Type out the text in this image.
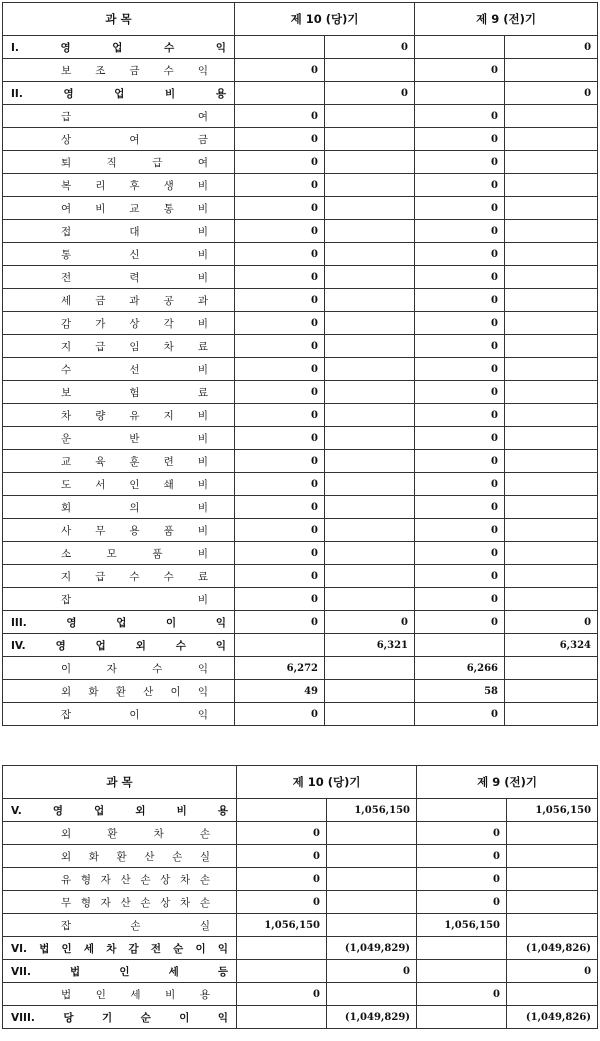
과 목	제 10 (당)기		제 9 (전)기	

I. 영 업 수 익		0		0

보 조 금 수 익	0		0	

II. 영 업 비 용		0		0

급 여	0		0	

상 여 금	0		0	

퇴 직 급 여	0		0	

복 리 후 생 비	0		0	

여 비 교 통 비	0		0	

접 대 비	0		0	

통 신 비	0		0	

전 력 비	0		0	

세 금 과 공 과	0		0	

감 가 상 각 비	0		0	

지 급 임 차 료	0		0	

수 선 비	0		0	

보 험 료	0		0	

차 량 유 지 비	0		0	

운 반 비	0		0	

교 육 훈 련 비	0		0	

도 서 인 쇄 비	0		0	

회 의 비	0		0	

사 무 용 품 비	0		0	

소 모 품 비	0		0	

지 급 수 수 료	0		0	

잡 비	0		0	

III. 영 업 이 익	0	0	0	0

IV. 영 업 외 수 익		6,321		6,324

이 자 수 익	6,272		6,266	

외 화 환 산 이 익	49		58	

잡 이 익	0		0	
과 목	제 10 (당)기		제 9 (전)기	

V. 영 업 외 비 용		1,056,150		1,056,150

외 환 차 손	0		0	

외 화 환 산 손 실	0		0	

유 형 자 산 손 상 차 손	0		0	

무 형 자 산 손 상 차 손	0		0	

잡 손 실	1,056,150		1,056,150	

VI. 법 인 세 차 감 전 순 이 익		(1,049,829)		(1,049,826)

VII. 법 인 세 등		0		0

법 인 세 비 용	0		0	

VIII. 당 기 순 이 익		(1,049,829)		(1,049,826)
